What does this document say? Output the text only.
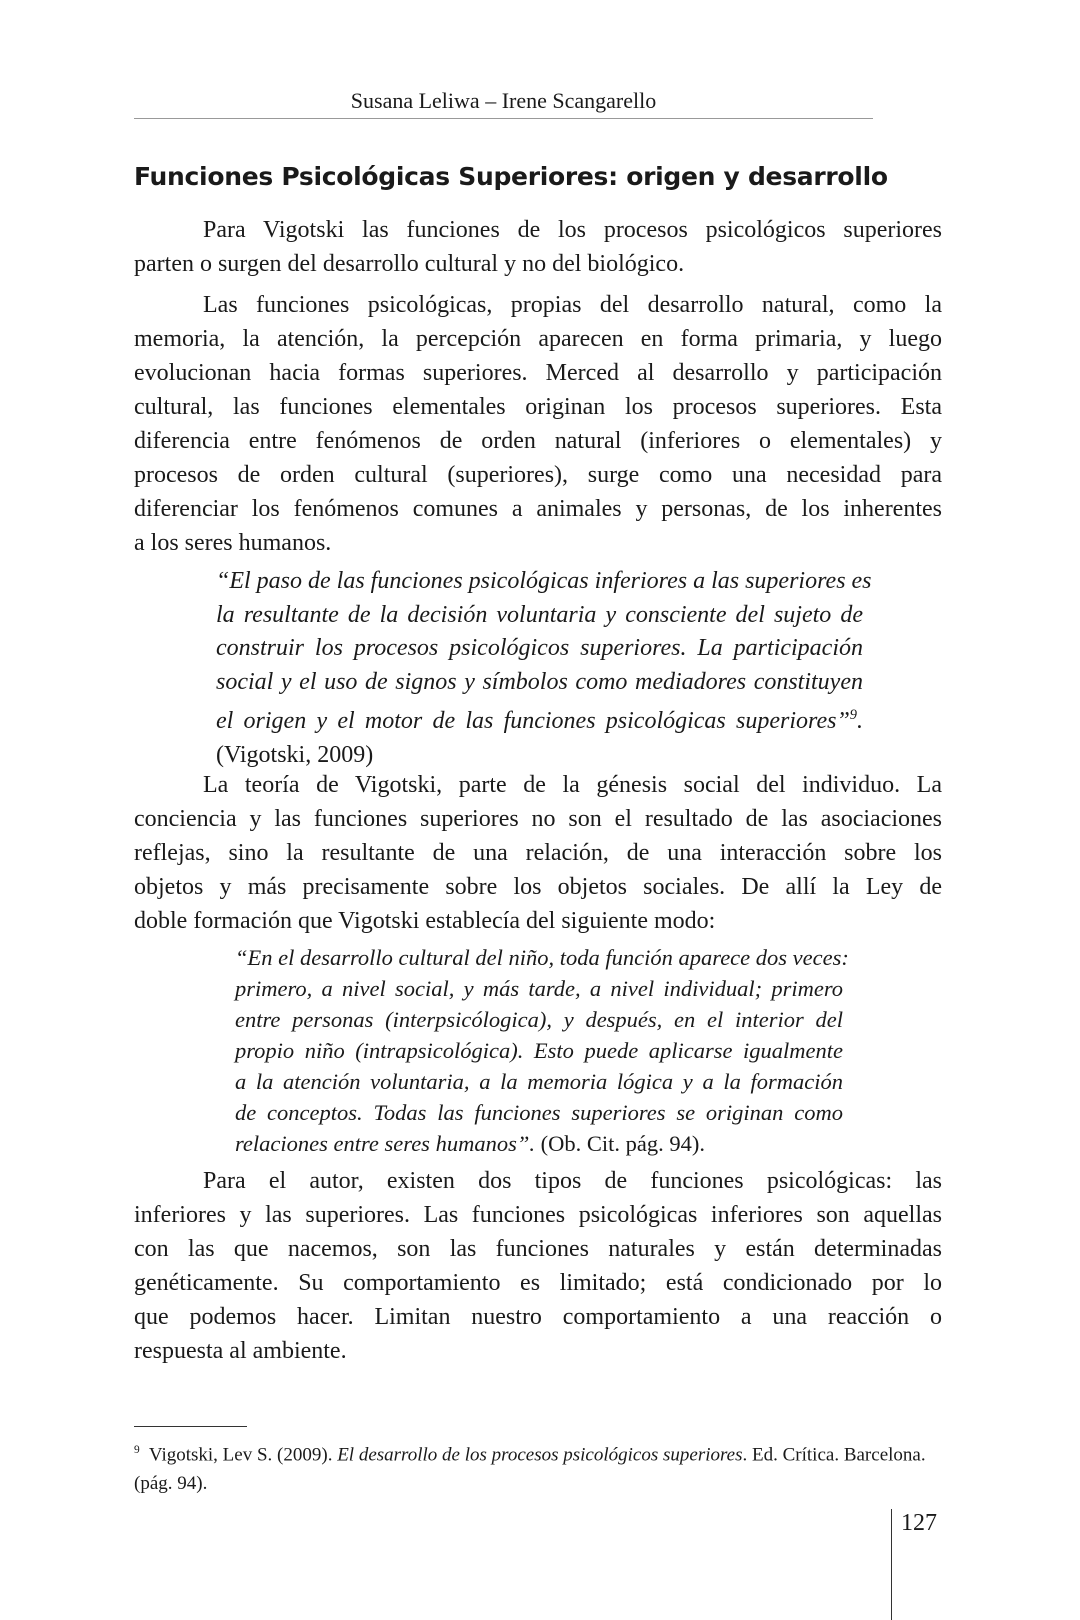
Susana Leliwa – Irene Scangarello
Funciones Psicológicas Superiores: origen y desarrollo
Para Vigotski las funciones de los procesos psicológicos superiores
parten o surgen del desarrollo cultural y no del biológico.
Las funciones psicológicas, propias del desarrollo natural, como la
memoria, la atención, la percepción aparecen en forma primaria, y luego
evolucionan hacia formas superiores. Merced al desarrollo y participación
cultural, las funciones elementales originan los procesos superiores. Esta
diferencia entre fenómenos de orden natural (inferiores o elementales) y
procesos de orden cultural (superiores), surge como una necesidad para
diferenciar los fenómenos comunes a animales y personas, de los inherentes
a los seres humanos.
“El paso de las funciones psicológicas inferiores a las superiores es
la resultante de la decisión voluntaria y consciente del sujeto de
construir los procesos psicológicos superiores. La participación
social y el uso de signos y símbolos como mediadores constituyen
el origen y el motor de las funciones psicológicas superiores”$^9$.
(Vigotski, 2009)
La teoría de Vigotski, parte de la génesis social del individuo. La
conciencia y las funciones superiores no son el resultado de las asociaciones
reflejas, sino la resultante de una relación, de una interacción sobre los
objetos y más precisamente sobre los objetos sociales. De allí la Ley de
doble formación que Vigotski establecía del siguiente modo:
“En el desarrollo cultural del niño, toda función aparece dos veces:
primero, a nivel social, y más tarde, a nivel individual; primero
entre personas (interpsicólogica), y después, en el interior del
propio niño (intrapsicológica). Esto puede aplicarse igualmente
a la atención voluntaria, a la memoria lógica y a la formación
de conceptos. Todas las funciones superiores se originan como
relaciones entre seres humanos”. (Ob. Cit. pág. 94).
Para el autor, existen dos tipos de funciones psicológicas: las
inferiores y las superiores. Las funciones psicológicas inferiores son aquellas
con las que nacemos, son las funciones naturales y están determinadas
genéticamente. Su comportamiento es limitado; está condicionado por lo
que podemos hacer. Limitan nuestro comportamiento a una reacción o
respuesta al ambiente.
$^9$ Vigotski, Lev S. (2009). El desarrollo de los procesos psicológicos superiores. Ed. Crítica. Barcelona.
(pág. 94).
127
